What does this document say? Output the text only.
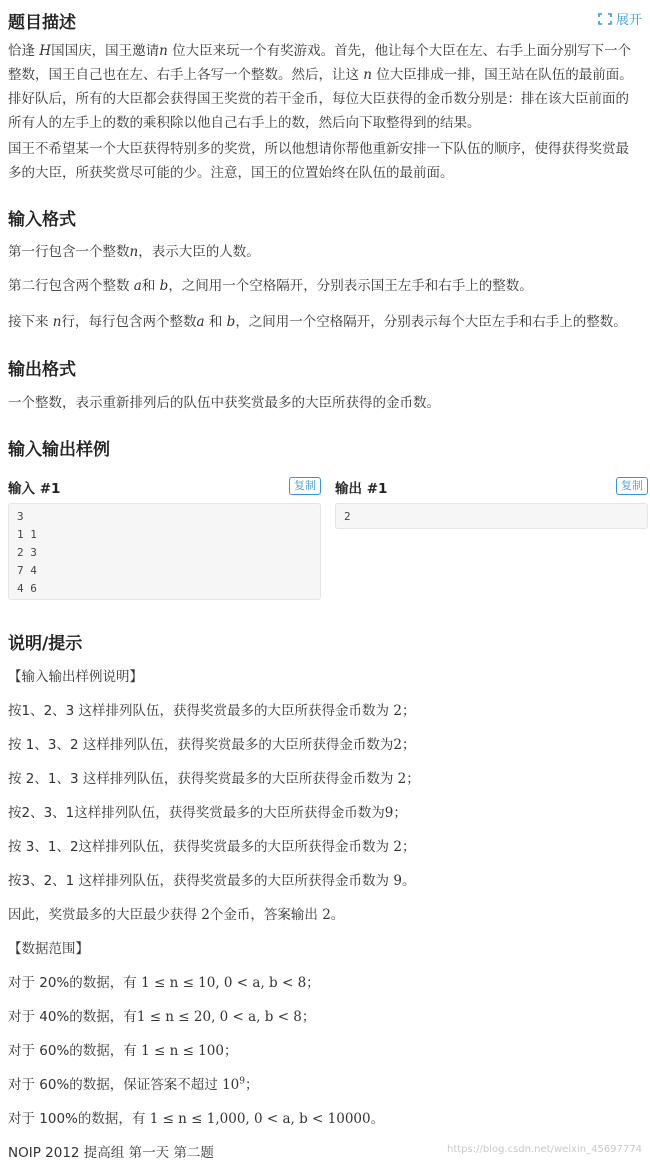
题目描述	展开
恰逢 H国国庆，国王邀请n 位大臣来玩一个有奖游戏。首先，他让每个大臣在左、右手上面分别写下一个整数，国王自己也在左、右手上各写一个整数。然后，让这 n 位大臣排成一排，国王站在队伍的最前面。排好队后，所有的大臣都会获得国王奖赏的若干金币，每位大臣获得的金币数分别是：排在该大臣前面的所有人的左手上的数的乘积除以他自己右手上的数，然后向下取整得到的结果。
国王不希望某一个大臣获得特别多的奖赏，所以他想请你帮他重新安排一下队伍的顺序，使得获得奖赏最多的大臣，所获奖赏尽可能的少。注意，国王的位置始终在队伍的最前面。
输入格式
第一行包含一个整数n，表示大臣的人数。
第二行包含两个整数 a和 b，之间用一个空格隔开，分别表示国王左手和右手上的整数。
接下来 n行，每行包含两个整数a 和 b，之间用一个空格隔开，分别表示每个大臣左手和右手上的整数。
输出格式
一个整数，表示重新排列后的队伍中获奖赏最多的大臣所获得的金币数。
输入输出样例
输入 #1	复制
3
1 1
2 3
7 4
4 6
输出 #1	复制
2
说明/提示
【输入输出样例说明】
按1、2、3 这样排列队伍，获得奖赏最多的大臣所获得金币数为 2；
按 1、3、2 这样排列队伍，获得奖赏最多的大臣所获得金币数为2；
按 2、1、3 这样排列队伍，获得奖赏最多的大臣所获得金币数为 2；
按2、3、1这样排列队伍，获得奖赏最多的大臣所获得金币数为9；
按 3、1、2这样排列队伍，获得奖赏最多的大臣所获得金币数为 2；
按3、2、1 这样排列队伍，获得奖赏最多的大臣所获得金币数为 9。
因此，奖赏最多的大臣最少获得 2个金币，答案输出 2。
【数据范围】
对于 20%的数据，有 1 ≤ n ≤ 10, 0 < a, b < 8；
对于 40%的数据，有1 ≤ n ≤ 20, 0 < a, b < 8；
对于 60%的数据，有 1 ≤ n ≤ 100；
对于 60%的数据，保证答案不超过 $10^9$；
对于 100%的数据，有 1 ≤ n ≤ 1,000, 0 < a, b < 10000。
NOIP 2012 提高组 第一天 第二题	https://blog.csdn.net/weixin_45697774
